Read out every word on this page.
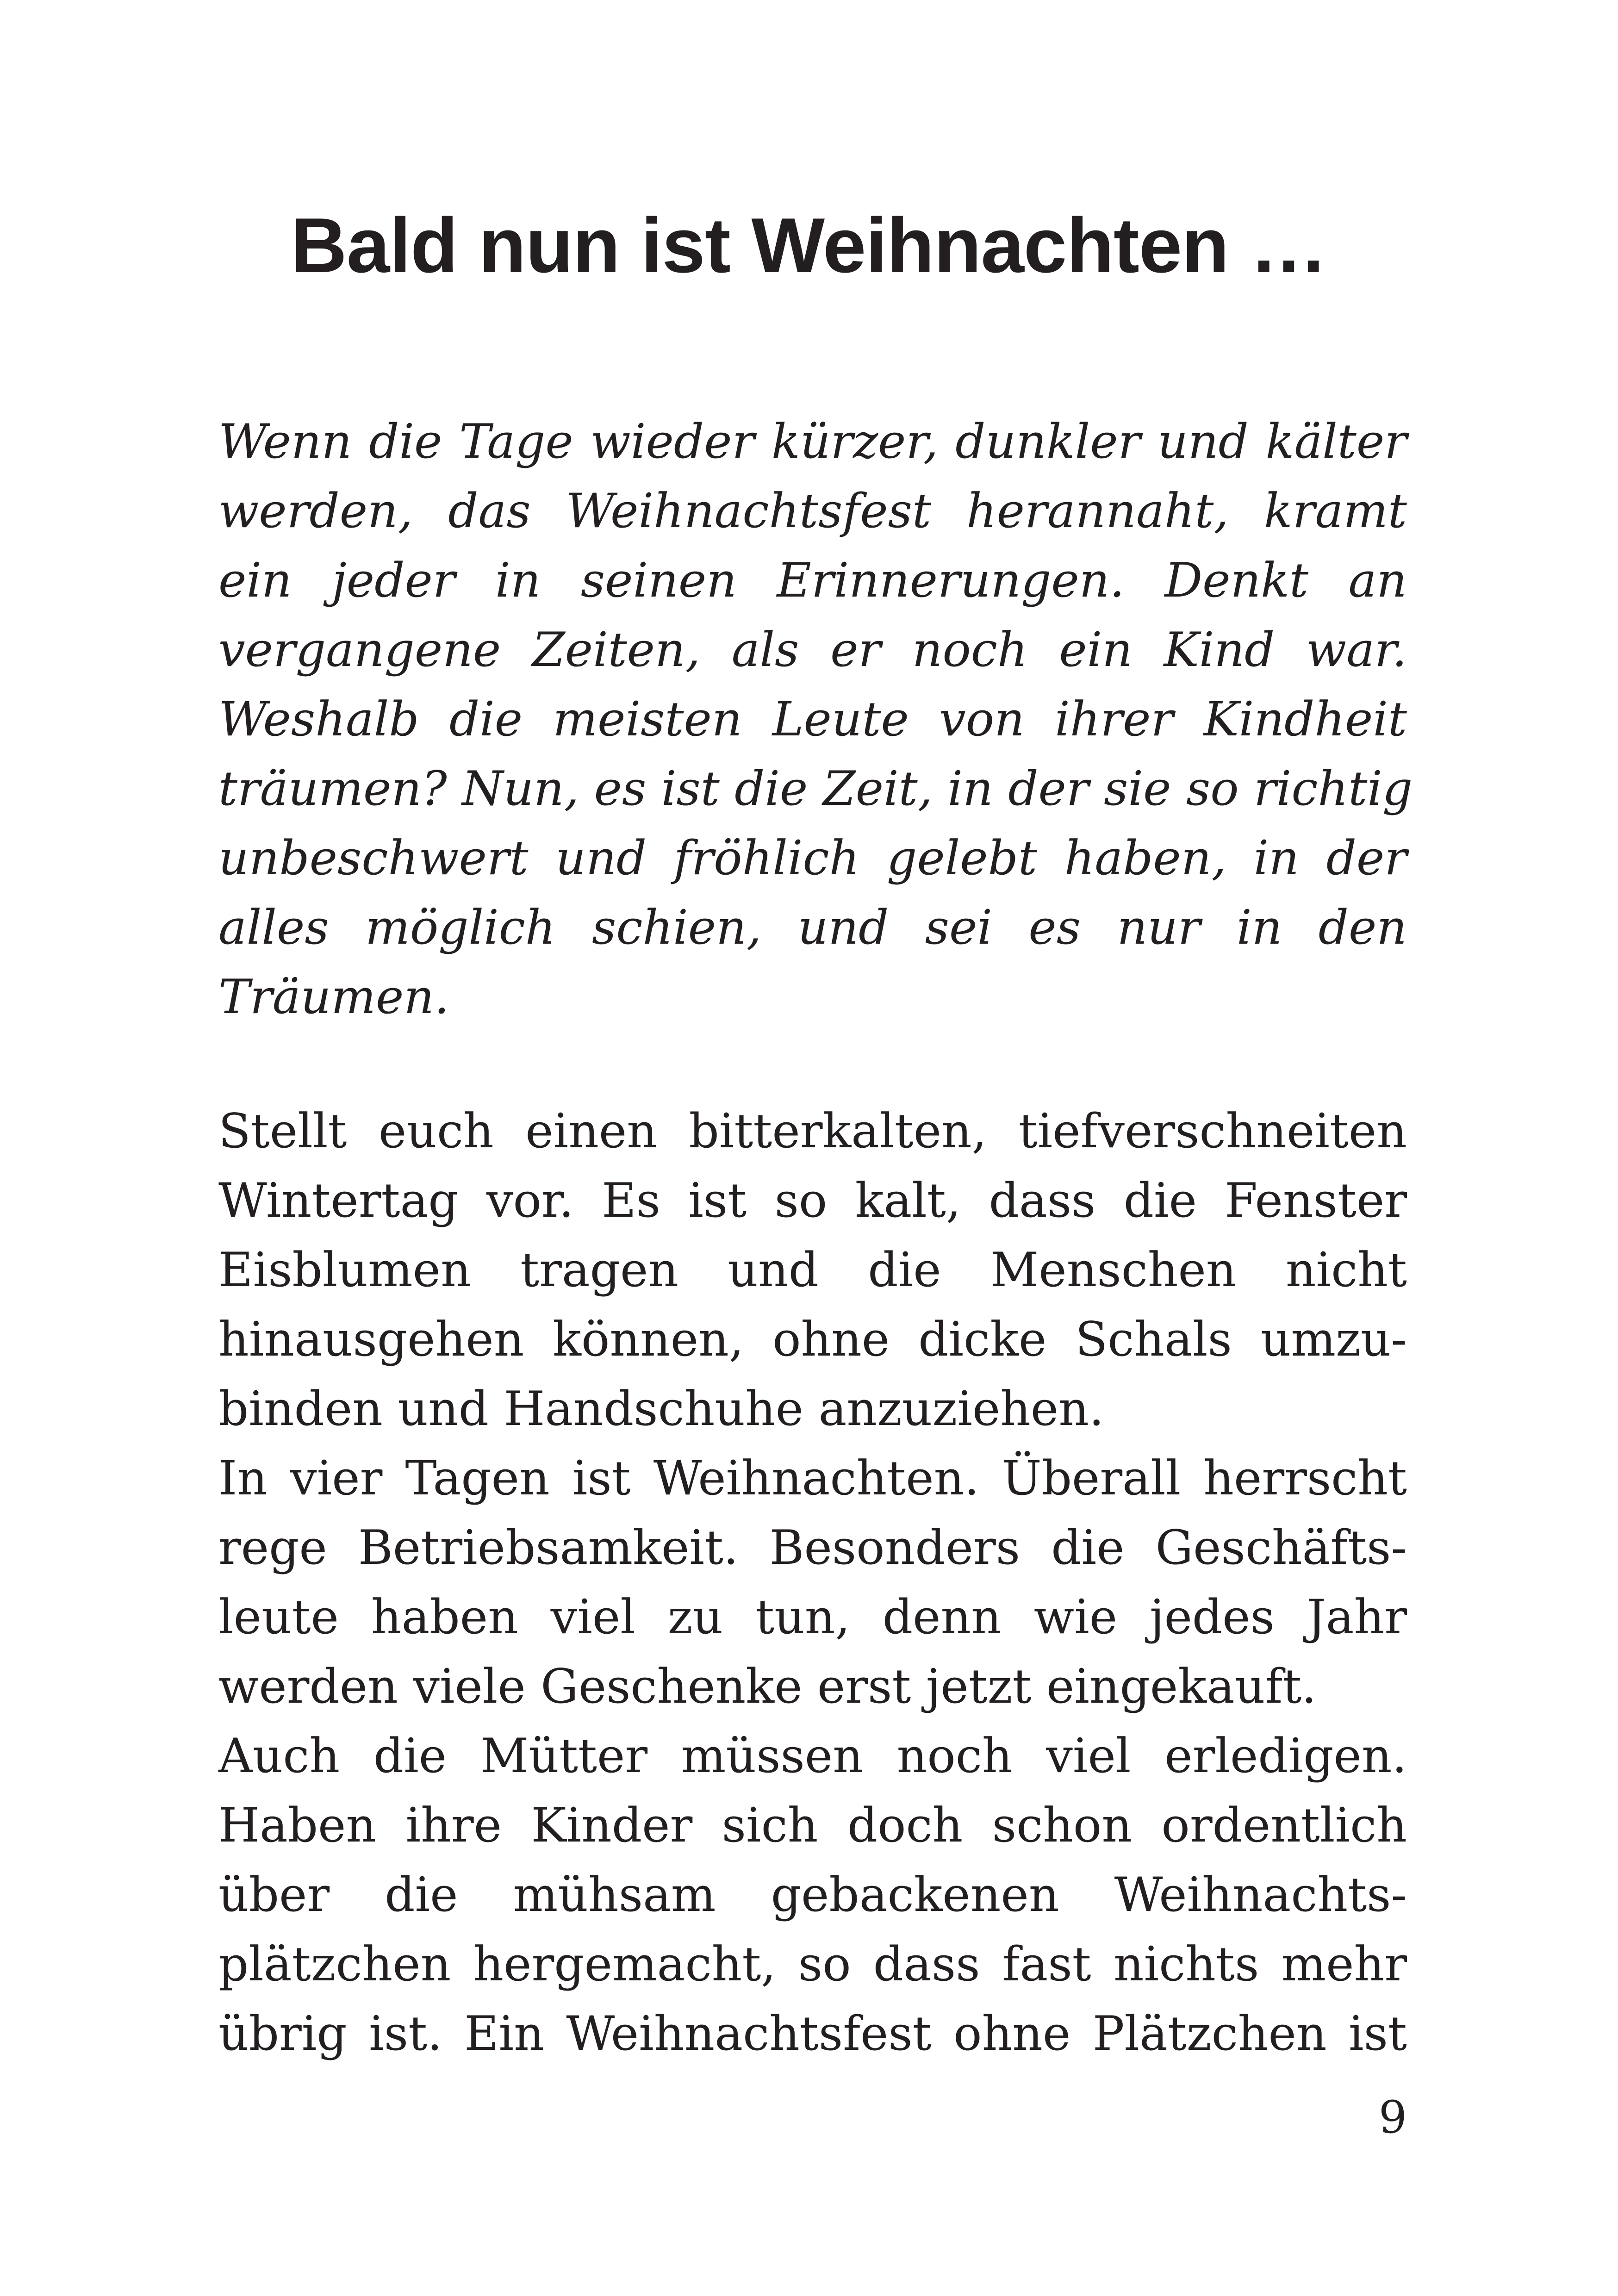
Bald nun ist Weihnachten …
Wenn die Tage wieder kürzer, dunkler und kälter
werden, das Weihnachtsfest herannaht, kramt
ein jeder in seinen Erinnerungen. Denkt an
vergangene Zeiten, als er noch ein Kind war.
Weshalb die meisten Leute von ihrer Kindheit
träumen? Nun, es ist die Zeit, in der sie so richtig
unbeschwert und fröhlich gelebt haben, in der
alles möglich schien, und sei es nur in den
Träumen.
Stellt euch einen bitterkalten, tiefverschneiten
Wintertag vor. Es ist so kalt, dass die Fenster
Eisblumen tragen und die Menschen nicht
hinausgehen können, ohne dicke Schals umzu-
binden und Handschuhe anzuziehen.
In vier Tagen ist Weihnachten. Überall herrscht
rege Betriebsamkeit. Besonders die Geschäfts-
leute haben viel zu tun, denn wie jedes Jahr
werden viele Geschenke erst jetzt eingekauft.
Auch die Mütter müssen noch viel erledigen.
Haben ihre Kinder sich doch schon ordentlich
über die mühsam gebackenen Weihnachts-
plätzchen hergemacht, so dass fast nichts mehr
übrig ist. Ein Weihnachtsfest ohne Plätzchen ist
9
